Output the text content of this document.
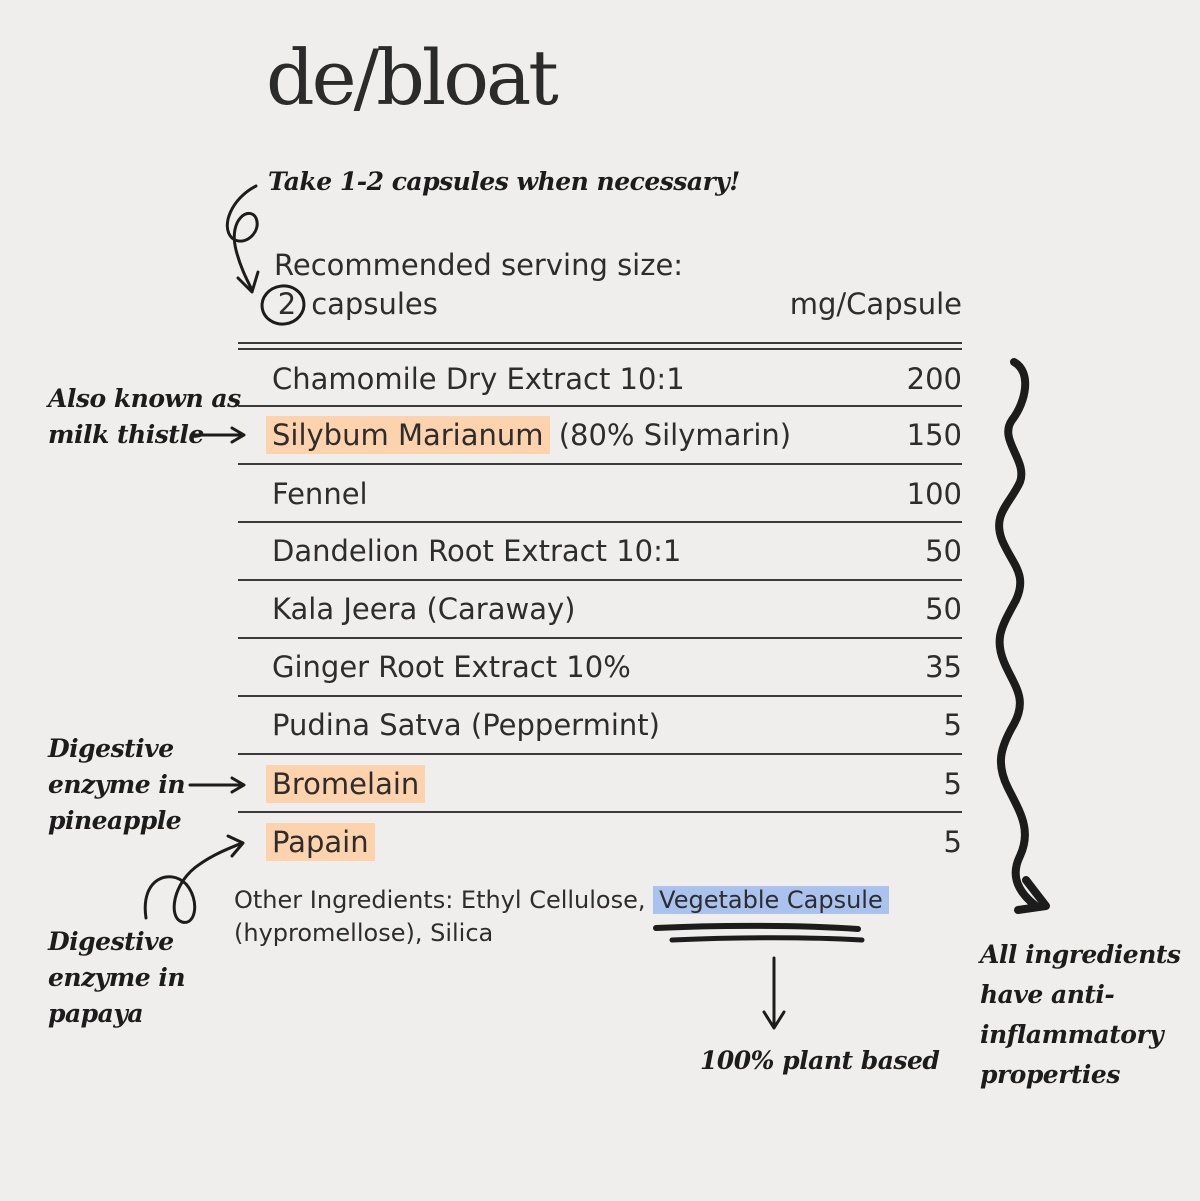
de/bloat
Take 1-2 capsules when necessary!
Recommended serving size:
2 capsules	mg/Capsule
Chamomile Dry Extract 10:1	200
Silybum Marianum (80% Silymarin)	150
Fennel	100
Dandelion Root Extract 10:1	50
Kala Jeera (Caraway)	50
Ginger Root Extract 10%	35
Pudina Satva (Peppermint)	5
Bromelain	5
Papain	5
Other Ingredients: Ethyl Cellulose, Vegetable Capsule
(hypromellose), Silica
Also known as
milk thistle
Digestive
enzyme in
pineapple
Digestive
enzyme in
papaya
100% plant based
All ingredients
have anti-
inflammatory
properties
